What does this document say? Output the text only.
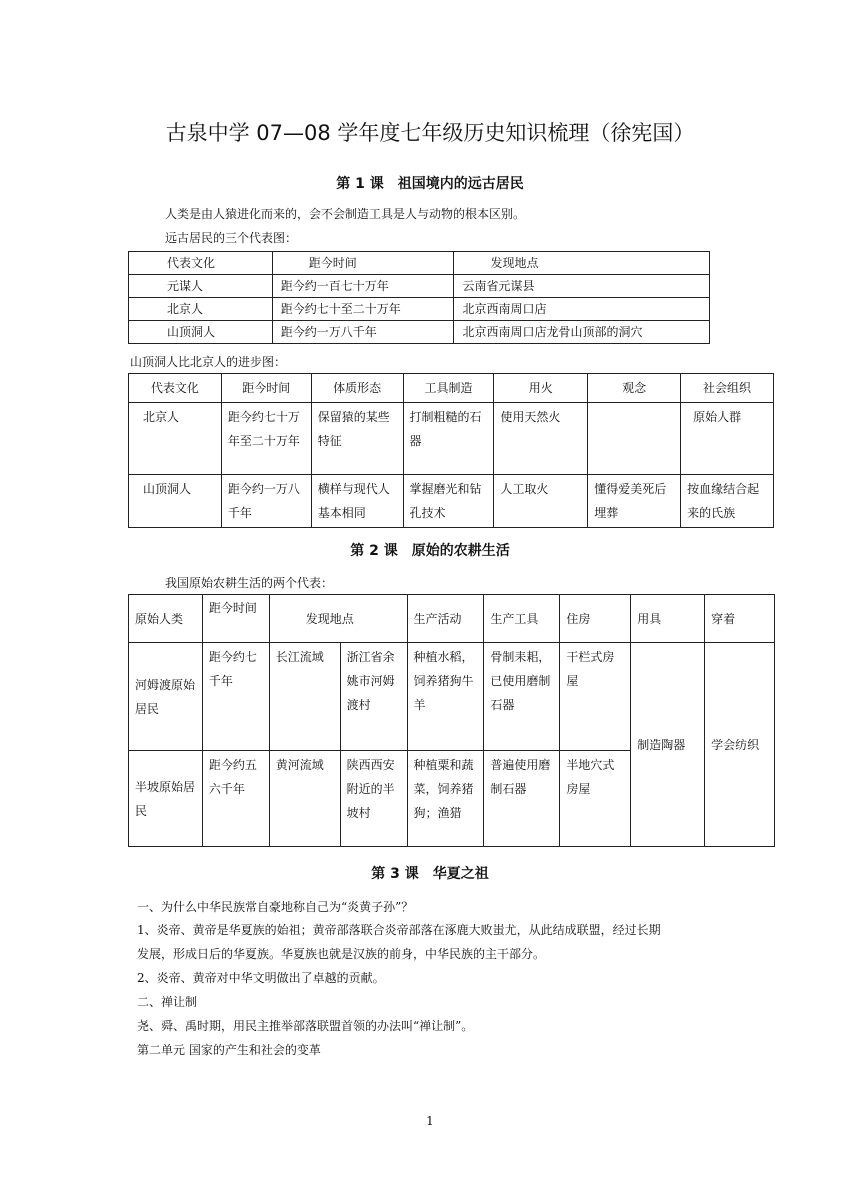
古泉中学 07—08 学年度七年级历史知识梳理（徐宪国）
第 1 课　祖国境内的远古居民
人类是由人猿进化而来的，会不会制造工具是人与动物的根本区别。
远古居民的三个代表图：
代表文化	距今时间	发现地点
元谋人	距今约一百七十万年	云南省元谋县
北京人	距今约七十至二十万年	北京西南周口店
山顶洞人	距今约一万八千年	北京西南周口店龙骨山顶部的洞穴
山顶洞人比北京人的进步图：
代表文化	距今时间	体质形态	工具制造	用火	观念	社会组织
北京人	距今约七十万年至二十万年	保留猿的某些特征	打制粗糙的石器	使用天然火		原始人群
山顶洞人	距今约一万八千年	横样与现代人基本相同	掌握磨光和钻孔技术	人工取火	懂得爱美死后埋葬	按血缘结合起来的氏族
第 2 课　原始的农耕生活
我国原始农耕生活的两个代表：
原始人类	距今时间	发现地点		生产活动	生产工具	住房	用具	穿着
河姆渡原始居民	距今约七千年	长江流域	浙江省余姚市河姆渡村	种植水稻，饲养猪狗牛羊	骨制耒耜，已使用磨制石器	干栏式房屋	制造陶器	学会纺织
半坡原始居民	距今约五六千年	黄河流域	陕西西安附近的半坡村	种植粟和蔬菜，饲养猪狗；渔猎	普遍使用磨制石器	半地穴式房屋		
第 3 课　华夏之祖
一、为什么中华民族常自豪地称自己为“炎黄子孙”？
1、炎帝、黄帝是华夏族的始祖；黄帝部落联合炎帝部落在涿鹿大败蚩尤，从此结成联盟，经过长期
发展，形成日后的华夏族。华夏族也就是汉族的前身，中华民族的主干部分。
2、炎帝、黄帝对中华文明做出了卓越的贡献。
二、禅让制
尧、舜、禹时期，用民主推举部落联盟首领的办法叫“禅让制”。
第二单元 国家的产生和社会的变革
1
